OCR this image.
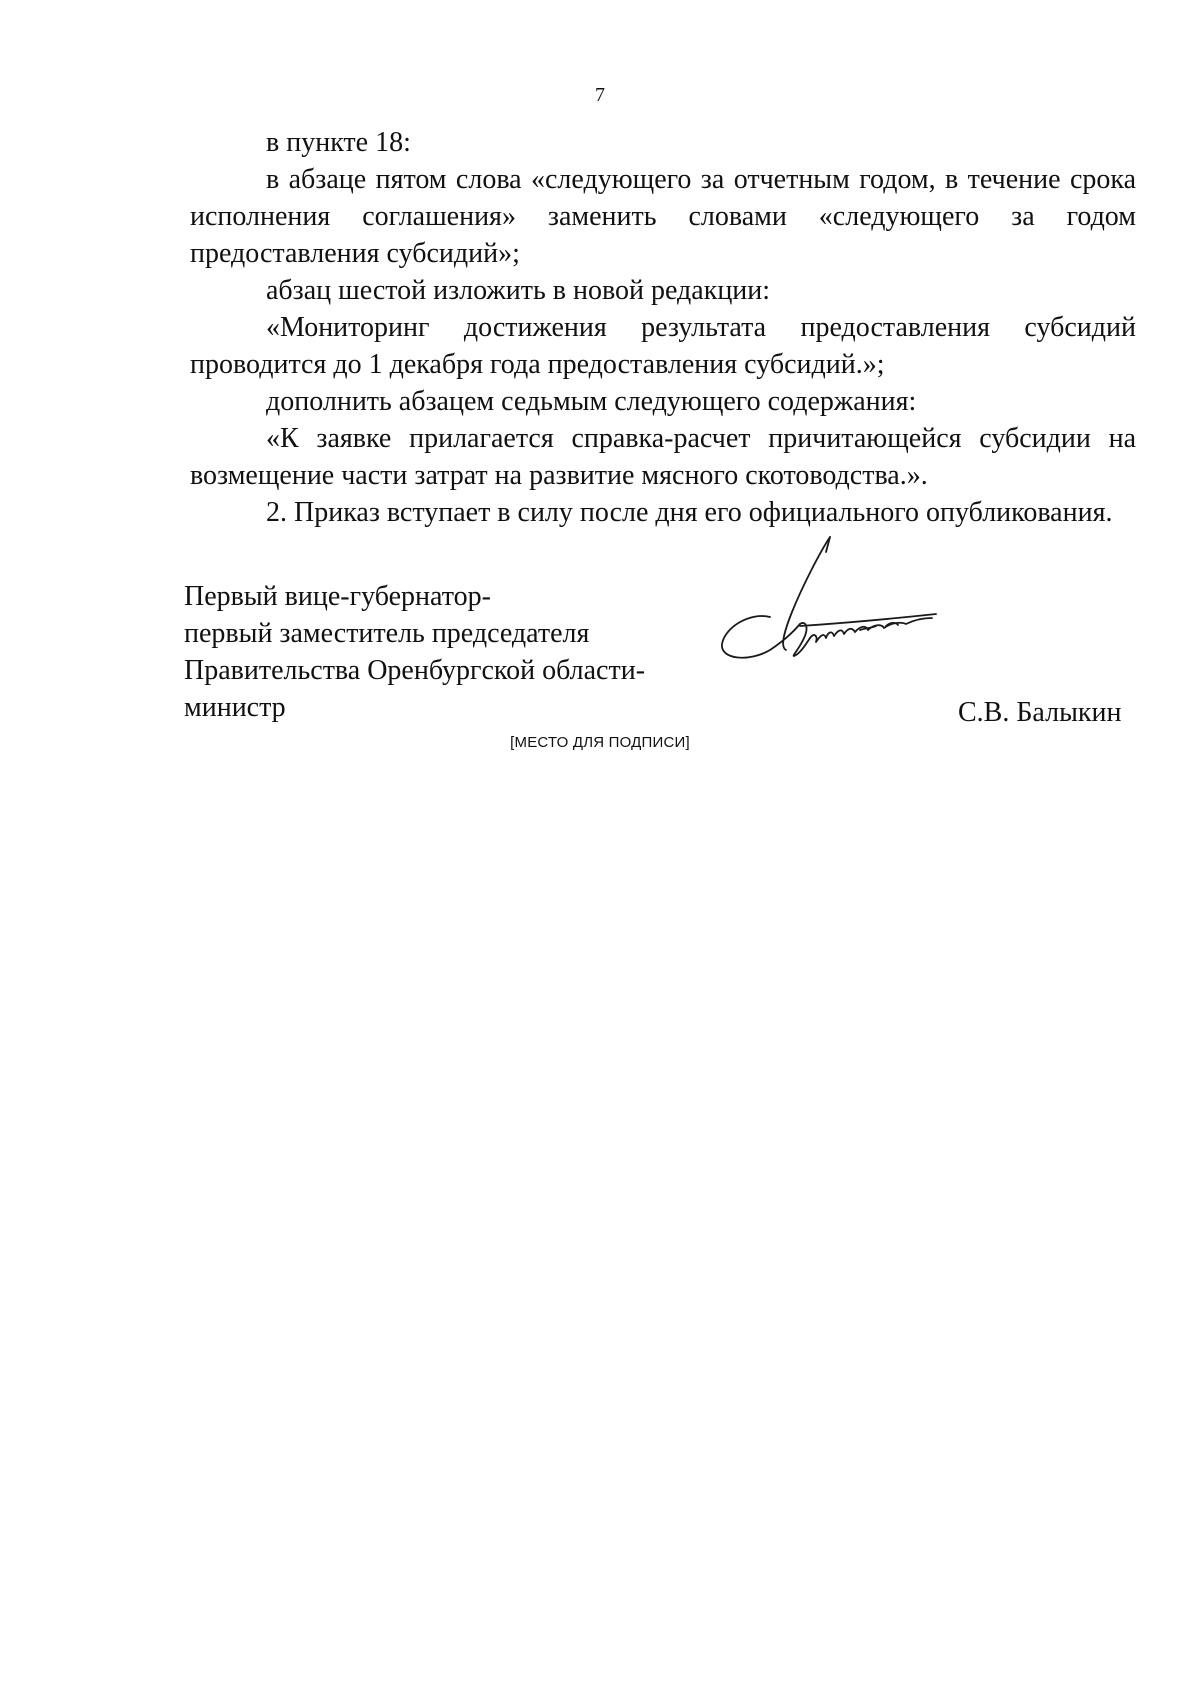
7

в пункте 18:

в абзаце пятом слова «следующего за отчетным годом, в течение срока исполнения соглашения» заменить словами «следующего за годом предоставления субсидий»;

абзац шестой изложить в новой редакции:

«Мониторинг достижения результата предоставления субсидий проводится до 1 декабря года предоставления субсидий.»;

дополнить абзацем седьмым следующего содержания:

«К заявке прилагается справка-расчет причитающейся субсидии на возмещение части затрат на развитие мясного скотоводства.».

2. Приказ вступает в силу после дня его официального опубликования.

Первый вице-губернатор-
первый заместитель председателя
Правительства Оренбургской области-
министр	С.В. Балыкин
[МЕСТО ДЛЯ ПОДПИСИ]
